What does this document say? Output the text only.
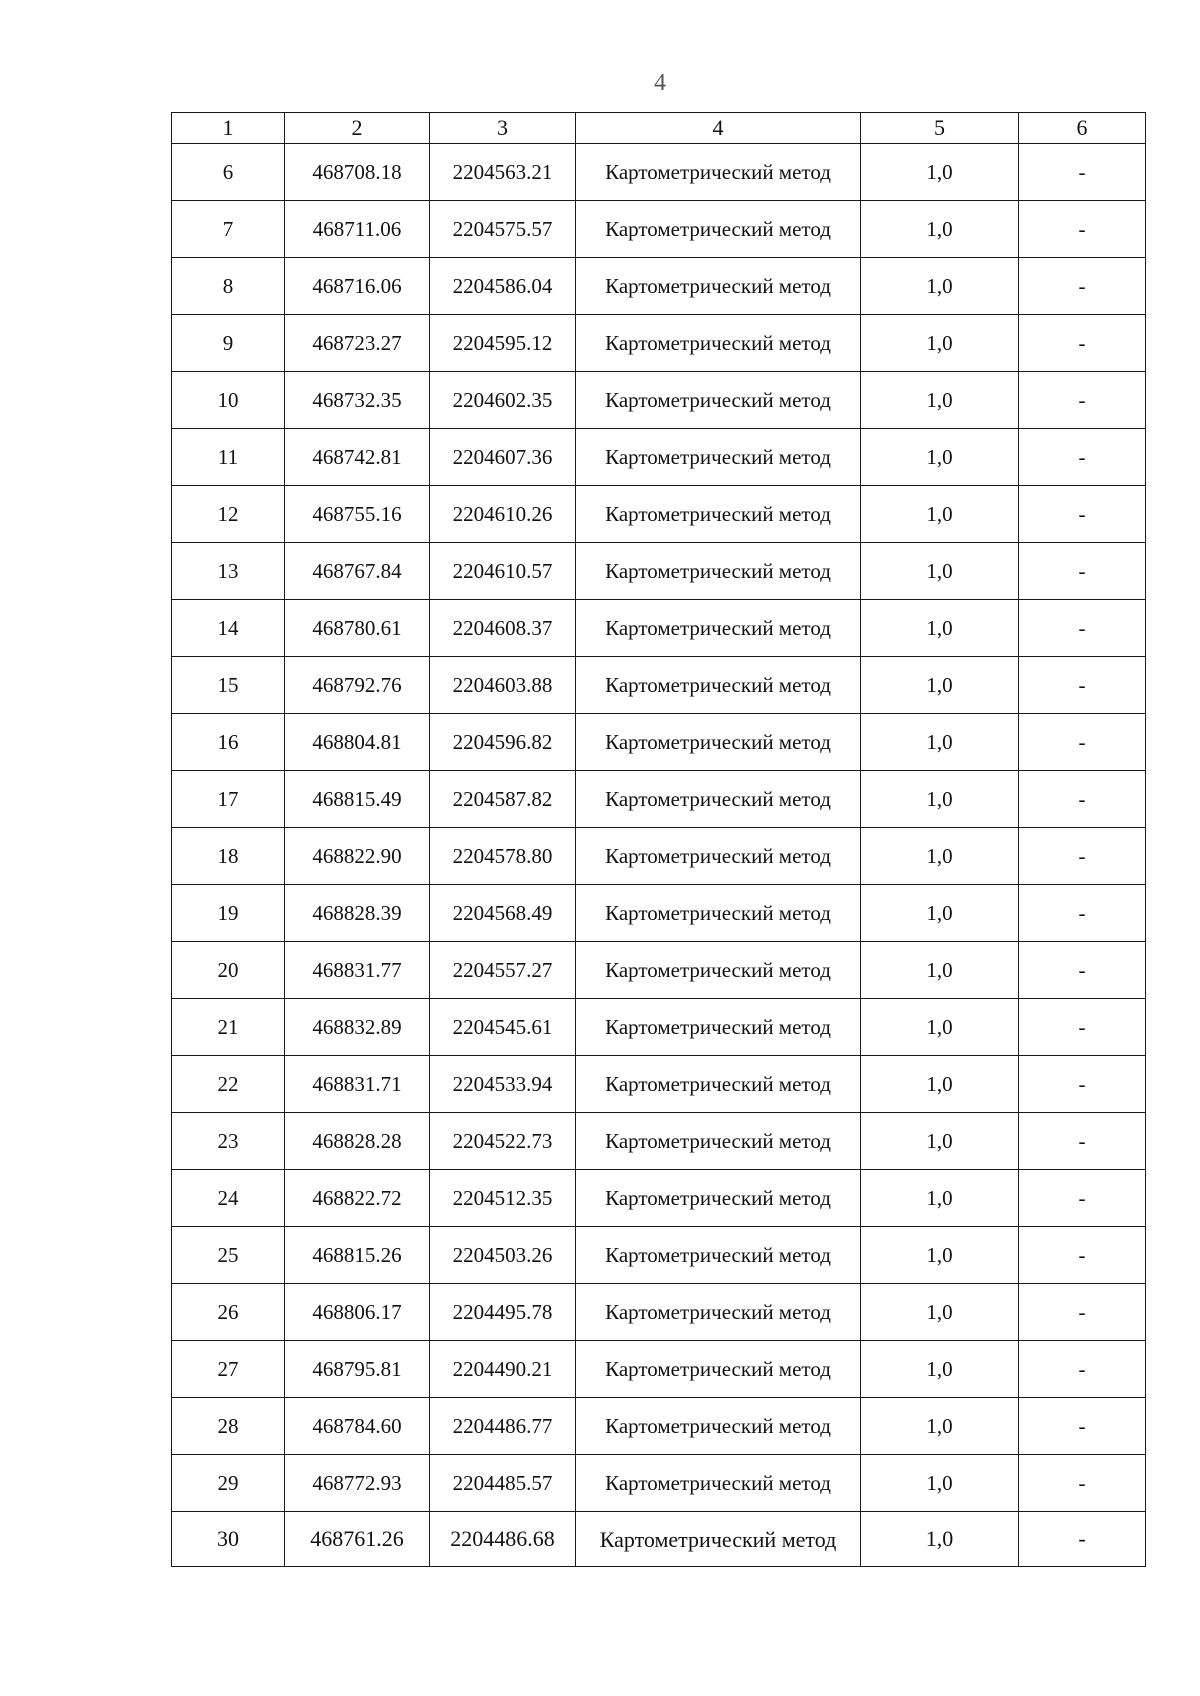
4
1	2	3	4	5	6
6	468708.18	2204563.21	Картометрический метод	1,0	-
7	468711.06	2204575.57	Картометрический метод	1,0	-
8	468716.06	2204586.04	Картометрический метод	1,0	-
9	468723.27	2204595.12	Картометрический метод	1,0	-
10	468732.35	2204602.35	Картометрический метод	1,0	-
11	468742.81	2204607.36	Картометрический метод	1,0	-
12	468755.16	2204610.26	Картометрический метод	1,0	-
13	468767.84	2204610.57	Картометрический метод	1,0	-
14	468780.61	2204608.37	Картометрический метод	1,0	-
15	468792.76	2204603.88	Картометрический метод	1,0	-
16	468804.81	2204596.82	Картометрический метод	1,0	-
17	468815.49	2204587.82	Картометрический метод	1,0	-
18	468822.90	2204578.80	Картометрический метод	1,0	-
19	468828.39	2204568.49	Картометрический метод	1,0	-
20	468831.77	2204557.27	Картометрический метод	1,0	-
21	468832.89	2204545.61	Картометрический метод	1,0	-
22	468831.71	2204533.94	Картометрический метод	1,0	-
23	468828.28	2204522.73	Картометрический метод	1,0	-
24	468822.72	2204512.35	Картометрический метод	1,0	-
25	468815.26	2204503.26	Картометрический метод	1,0	-
26	468806.17	2204495.78	Картометрический метод	1,0	-
27	468795.81	2204490.21	Картометрический метод	1,0	-
28	468784.60	2204486.77	Картометрический метод	1,0	-
29	468772.93	2204485.57	Картометрический метод	1,0	-
30	468761.26	2204486.68	Картометрический метод	1,0	-
